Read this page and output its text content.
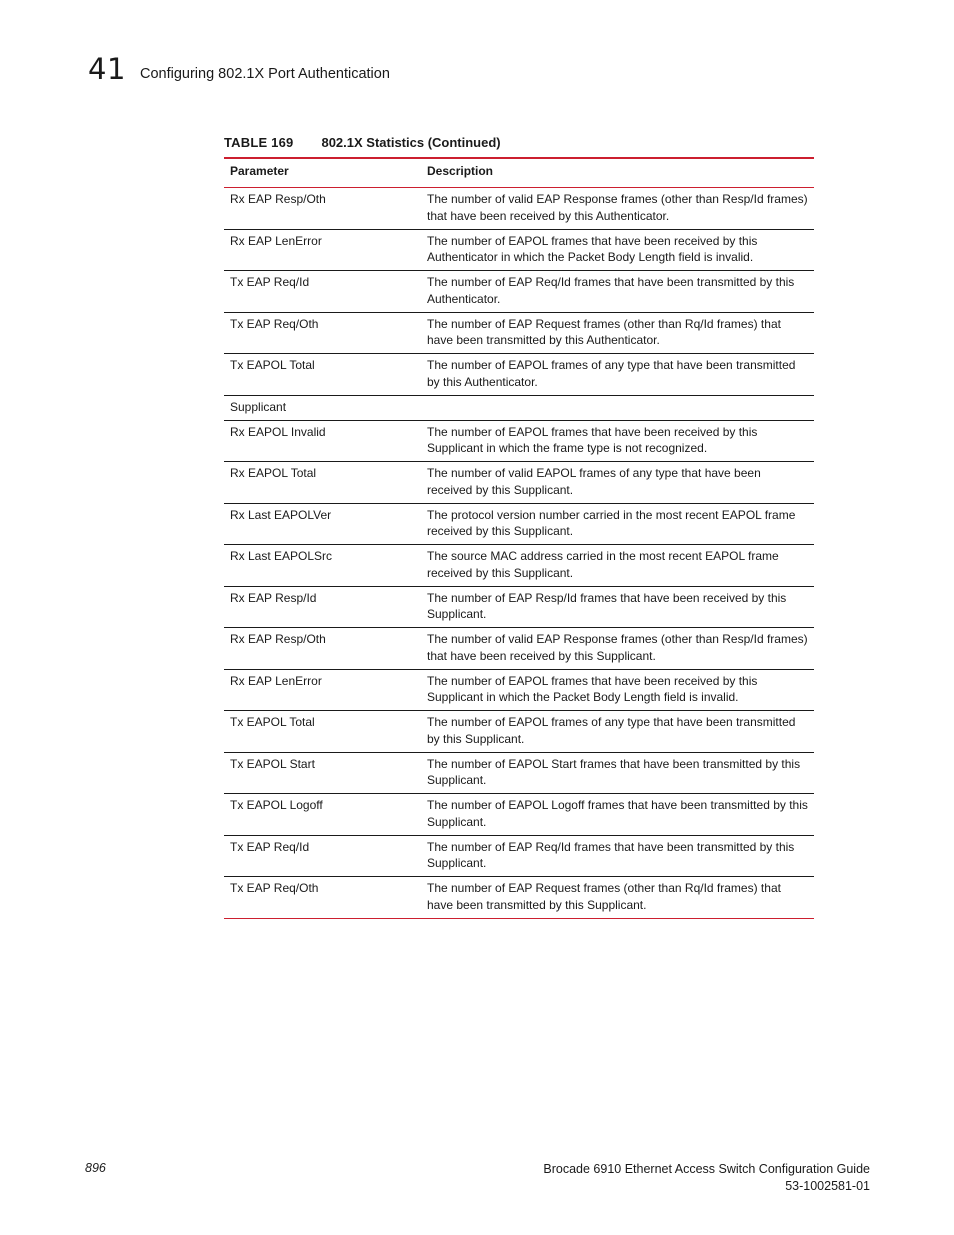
41 Configuring 802.1X Port Authentication
TABLE 169 802.1X Statistics (Continued)
Parameter	Description
Rx EAP Resp/Oth	The number of valid EAP Response frames (other than Resp/Id frames) that have been received by this Authenticator.
Rx EAP LenError	The number of EAPOL frames that have been received by this Authenticator in which the Packet Body Length field is invalid.
Tx EAP Req/Id	The number of EAP Req/Id frames that have been transmitted by this Authenticator.
Tx EAP Req/Oth	The number of EAP Request frames (other than Rq/Id frames) that have been transmitted by this Authenticator.
Tx EAPOL Total	The number of EAPOL frames of any type that have been transmitted by this Authenticator.
Supplicant	
Rx EAPOL Invalid	The number of EAPOL frames that have been received by this Supplicant in which the frame type is not recognized.
Rx EAPOL Total	The number of valid EAPOL frames of any type that have been received by this Supplicant.
Rx Last EAPOLVer	The protocol version number carried in the most recent EAPOL frame received by this Supplicant.
Rx Last EAPOLSrc	The source MAC address carried in the most recent EAPOL frame received by this Supplicant.
Rx EAP Resp/Id	The number of EAP Resp/Id frames that have been received by this Supplicant.
Rx EAP Resp/Oth	The number of valid EAP Response frames (other than Resp/Id frames) that have been received by this Supplicant.
Rx EAP LenError	The number of EAPOL frames that have been received by this Supplicant in which the Packet Body Length field is invalid.
Tx EAPOL Total	The number of EAPOL frames of any type that have been transmitted by this Supplicant.
Tx EAPOL Start	The number of EAPOL Start frames that have been transmitted by this Supplicant.
Tx EAPOL Logoff	The number of EAPOL Logoff frames that have been transmitted by this Supplicant.
Tx EAP Req/Id	The number of EAP Req/Id frames that have been transmitted by this Supplicant.
Tx EAP Req/Oth	The number of EAP Request frames (other than Rq/Id frames) that have been transmitted by this Supplicant.
896	Brocade 6910 Ethernet Access Switch Configuration Guide
53-1002581-01
